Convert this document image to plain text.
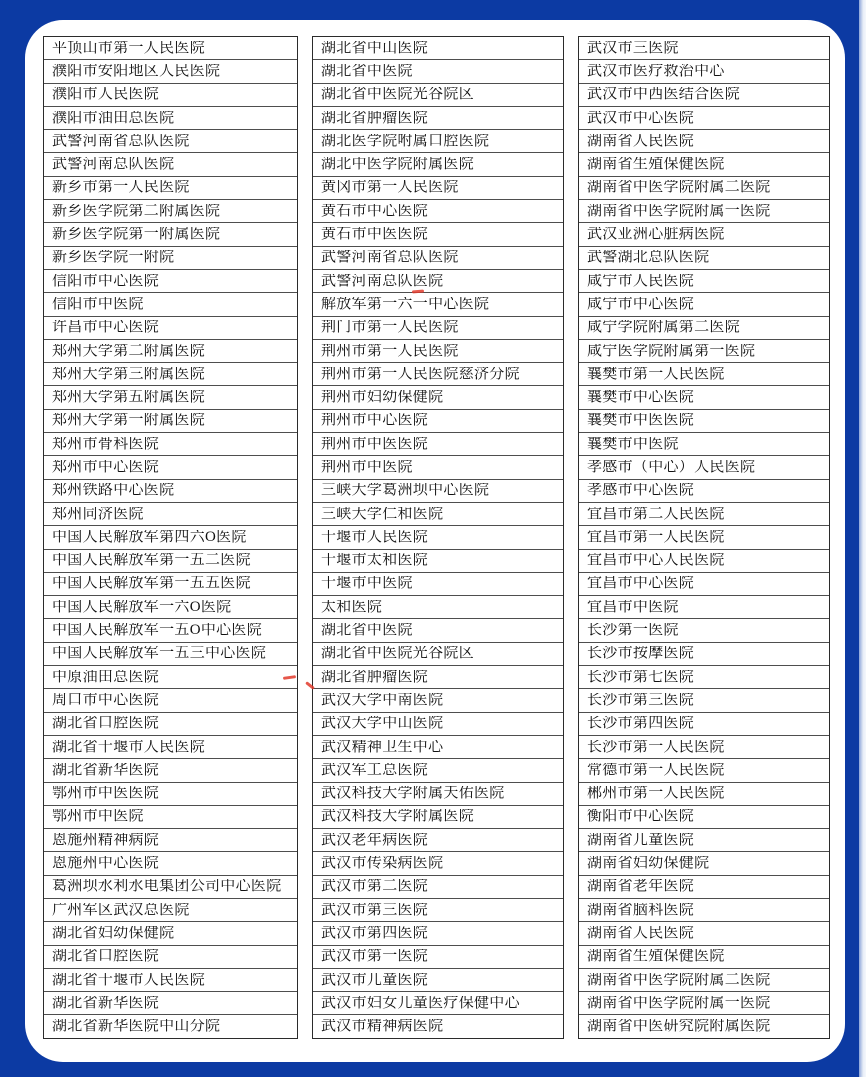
平顶山市第一人民医院
濮阳市安阳地区人民医院
濮阳市人民医院
濮阳市油田总医院
武警河南省总队医院
武警河南总队医院
新乡市第一人民医院
新乡医学院第二附属医院
新乡医学院第一附属医院
新乡医学院一附院
信阳市中心医院
信阳市中医院
许昌市中心医院
郑州大学第二附属医院
郑州大学第三附属医院
郑州大学第五附属医院
郑州大学第一附属医院
郑州市骨科医院
郑州市中心医院
郑州铁路中心医院
郑州同济医院
中国人民解放军第四六O医院
中国人民解放军第一五二医院
中国人民解放军第一五五医院
中国人民解放军一六O医院
中国人民解放军一五O中心医院
中国人民解放军一五三中心医院
中原油田总医院
周口市中心医院
湖北省口腔医院
湖北省十堰市人民医院
湖北省新华医院
鄂州市中医医院
鄂州市中医院
恩施州精神病院
恩施州中心医院
葛洲坝水利水电集团公司中心医院
广州军区武汉总医院
湖北省妇幼保健院
湖北省口腔医院
湖北省十堰市人民医院
湖北省新华医院
湖北省新华医院中山分院
湖北省中山医院
湖北省中医院
湖北省中医院光谷院区
湖北省肿瘤医院
湖北医学院咐属口腔医院
湖北中医学院附属医院
黄冈市第一人民医院
黄石市中心医院
黄石市中医医院
武警河南省总队医院
武警河南总队医院
解放军第一六一中心医院
荆门市第一人民医院
荆州市第一人民医院
荆州市第一人民医院慈济分院
荆州市妇幼保健院
荆州市中心医院
荆州市中医医院
荆州市中医院
三峡大学葛洲坝中心医院
三峡大学仁和医院
十堰市人民医院
十堰市太和医院
十堰市中医院
太和医院
湖北省中医院
湖北省中医院光谷院区
湖北省肿瘤医院
武汉大学中南医院
武汉大学中山医院
武汉精神卫生中心
武汉军工总医院
武汉科技大学附属天佑医院
武汉科技大学附属医院
武汉老年病医院
武汉市传染病医院
武汉市第二医院
武汉市第三医院
武汉市第四医院
武汉市第一医院
武汉市儿童医院
武汉市妇女儿童医疗保健中心
武汉市精神病医院
武汉市三医院
武汉市医疗救治中心
武汉市中西医结合医院
武汉市中心医院
湖南省人民医院
湖南省生殖保健医院
湖南省中医学院附属二医院
湖南省中医学院附属一医院
武汉亚洲心脏病医院
武警湖北总队医院
咸宁市人民医院
咸宁市中心医院
咸宁学院附属第二医院
咸宁医学院附属第一医院
襄樊市第一人民医院
襄樊市中心医院
襄樊市中医医院
襄樊市中医院
孝感市（中心）人民医院
孝感市中心医院
宜昌市第二人民医院
宜昌市第一人民医院
宜昌市中心人民医院
宜昌市中心医院
宜昌市中医院
长沙第一医院
长沙市按摩医院
长沙市第七医院
长沙市第三医院
长沙市第四医院
长沙市第一人民医院
常德市第一人民医院
郴州市第一人民医院
衡阳市中心医院
湖南省儿童医院
湖南省妇幼保健院
湖南省老年医院
湖南省脑科医院
湖南省人民医院
湖南省生殖保健医院
湖南省中医学院附属二医院
湖南省中医学院附属一医院
湖南省中医研究院附属医院
